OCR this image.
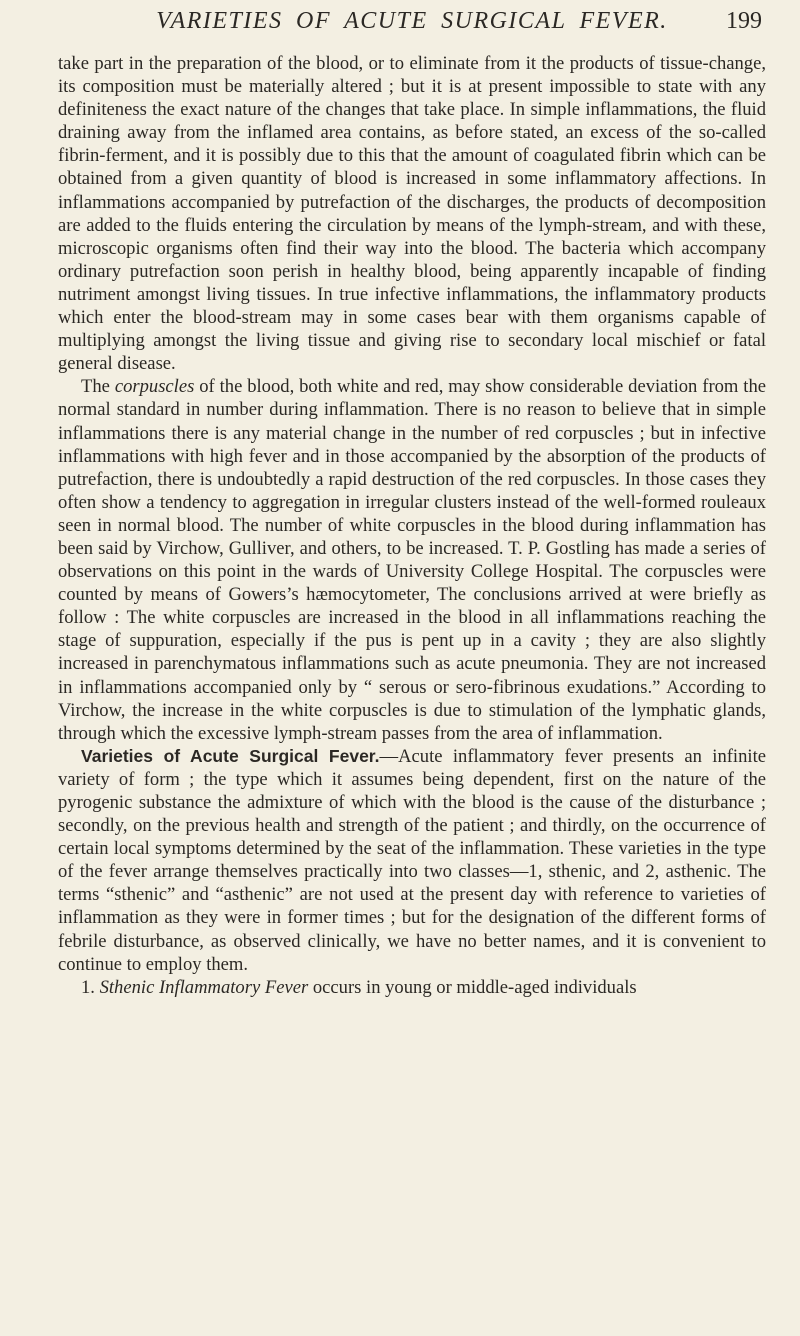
VARIETIES OF ACUTE SURGICAL FEVER.	199

take part in the preparation of the blood, or to eliminate from it the products of tissue-change, its composition must be materially altered ; but it is at present impossible to state with any definiteness the exact nature of the changes that take place. In simple inflammations, the fluid draining away from the inflamed area contains, as before stated, an excess of the so-called fibrin-ferment, and it is possibly due to this that the amount of coagulated fibrin which can be obtained from a given quantity of blood is increased in some inflammatory affections. In inflammations accompanied by putrefaction of the discharges, the products of decomposition are added to the fluids entering the circulation by means of the lymph-stream, and with these, microscopic organisms often find their way into the blood. The bacteria which accompany ordinary putrefaction soon perish in healthy blood, being apparently incapable of finding nutriment amongst living tissues. In true infective inflammations, the inflammatory products which enter the blood-stream may in some cases bear with them organisms capable of multiplying amongst the living tissue and giving rise to secondary local mischief or fatal general disease.

The corpuscles of the blood, both white and red, may show considerable deviation from the normal standard in number during inflammation. There is no reason to believe that in simple inflammations there is any material change in the number of red corpuscles ; but in infective inflammations with high fever and in those accompanied by the absorption of the products of putrefaction, there is undoubtedly a rapid destruction of the red corpuscles. In those cases they often show a tendency to aggregation in irregular clusters instead of the well-formed rouleaux seen in normal blood. The number of white corpuscles in the blood during inflammation has been said by Virchow, Gulliver, and others, to be increased. T. P. Gostling has made a series of observations on this point in the wards of University College Hospital. The corpuscles were counted by means of Gowers’s hæmocytometer, The conclusions arrived at were briefly as follow : The white corpuscles are increased in the blood in all inflammations reaching the stage of suppuration, especially if the pus is pent up in a cavity ; they are also slightly increased in parenchymatous inflammations such as acute pneumonia. They are not increased in inflammations accompanied only by “ serous or sero-fibrinous exudations.” According to Virchow, the increase in the white corpuscles is due to stimulation of the lymphatic glands, through which the excessive lymph-stream passes from the area of inflammation.

Varieties of Acute Surgical Fever.—Acute inflammatory fever presents an infinite variety of form ; the type which it assumes being dependent, first on the nature of the pyrogenic substance the admixture of which with the blood is the cause of the disturbance ; secondly, on the previous health and strength of the patient ; and thirdly, on the occurrence of certain local symptoms determined by the seat of the inflammation. These varieties in the type of the fever arrange themselves practically into two classes—1, sthenic, and 2, asthenic. The terms “sthenic” and “asthenic” are not used at the present day with reference to varieties of inflammation as they were in former times ; but for the designation of the different forms of febrile disturbance, as observed clinically, we have no better names, and it is convenient to continue to employ them.

1. Sthenic Inflammatory Fever occurs in young or middle-aged individuals
